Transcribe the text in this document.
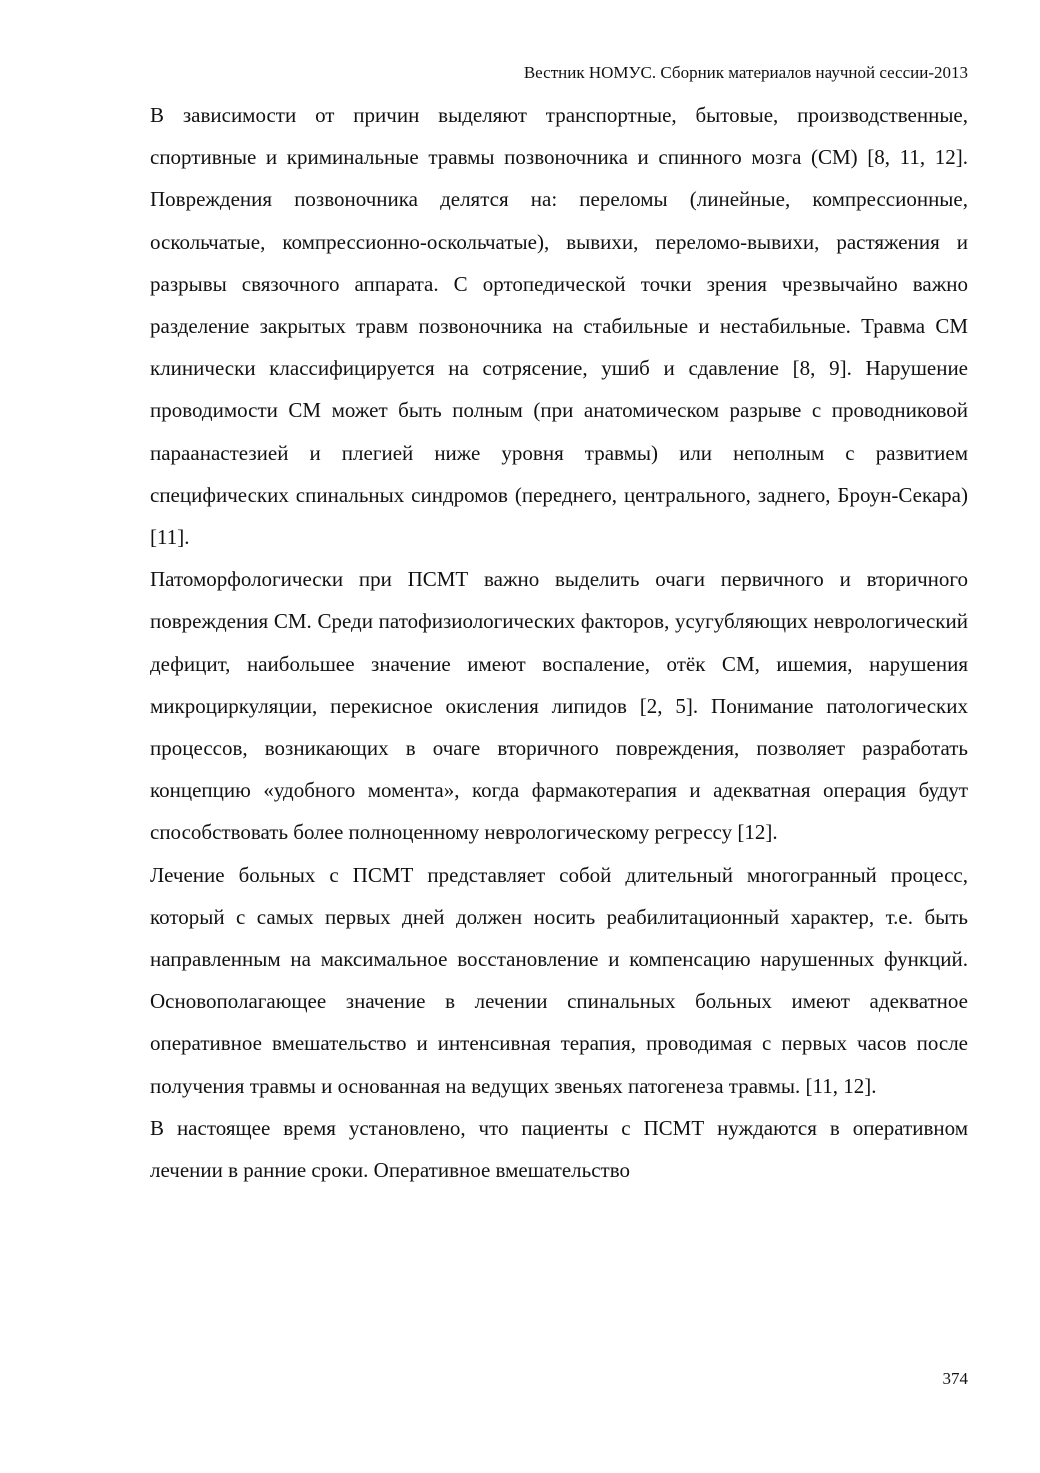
Вестник НОМУС. Сборник материалов научной сессии-2013

В зависимости от причин выделяют транспортные, бытовые, производственные, спортивные и криминальные травмы позвоночника и спинного мозга (СМ) [8, 11, 12]. Повреждения позвоночника делятся на: переломы (линейные, компрессионные, оскольчатые, компрессионно-оскольчатые), вывихи, переломо-вывихи, растяжения и разрывы связочного аппарата. С ортопедической точки зрения чрезвычайно важно разделение закрытых травм позвоночника на стабильные и нестабильные. Травма СМ клинически классифицируется на сотрясение, ушиб и сдавление [8, 9]. Нарушение проводимости СМ может быть полным (при анатомическом разрыве с проводниковой параанастезией и плегией ниже уровня травмы) или неполным с развитием специфических спинальных синдромов (переднего, центрального, заднего, Броун-Секара) [11].

Патоморфологически при ПСМТ важно выделить очаги первичного и вторичного повреждения СМ. Среди патофизиологических факторов, усугубляющих неврологический дефицит, наибольшее значение имеют воспаление, отёк СМ, ишемия, нарушения микроциркуляции, перекисное окисления липидов [2, 5]. Понимание патологических процессов, возникающих в очаге вторичного повреждения, позволяет разработать концепцию «удобного момента», когда фармакотерапия и адекватная операция будут способствовать более полноценному неврологическому регрессу [12].

Лечение больных с ПСМТ представляет собой длительный многогранный процесс, который с самых первых дней должен носить реабилитационный характер, т.е. быть направленным на максимальное восстановление и компенсацию нарушенных функций. Основополагающее значение в лечении спинальных больных имеют адекватное оперативное вмешательство и интенсивная терапия, проводимая с первых часов после получения травмы и основанная на ведущих звеньях патогенеза травмы. [11, 12].

В настоящее время установлено, что пациенты с ПСМТ нуждаются в оперативном лечении в ранние сроки. Оперативное вмешательство

374
